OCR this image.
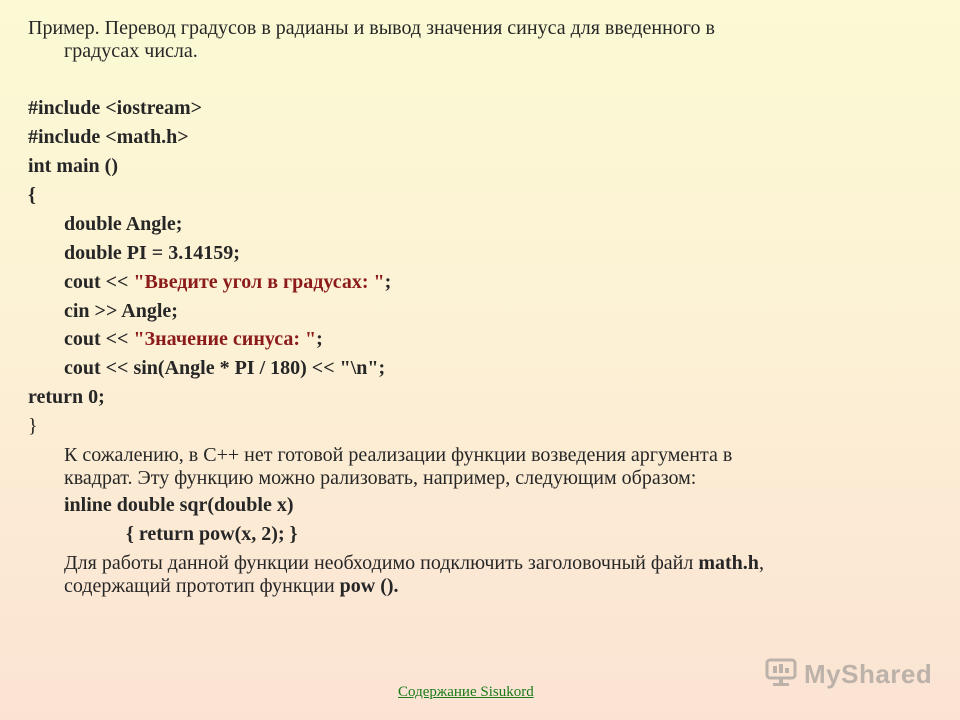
Пример. Перевод градусов в радианы и вывод значения синуса для введенного в
градусах числа.
#include <iostream>
#include <math.h>
int main ()
{
double Angle;
double PI = 3.14159;
cout << "Введите угол в градусах: ";
cin >> Angle;
cout << "Значение синуса: ";
cout << sin(Angle * PI / 180) << "\n";
return 0;
}
К сожалению, в С++ нет готовой реализации функции возведения аргумента в
квадрат. Эту функцию можно рализовать, например, следующим образом:
inline double sqr(double x)
{ return pow(x, 2); }
Для работы данной функции необходимо подключить заголовочный файл math.h,
содержащий прототип функции pow ().
MyShared
Содержание Sisukord
